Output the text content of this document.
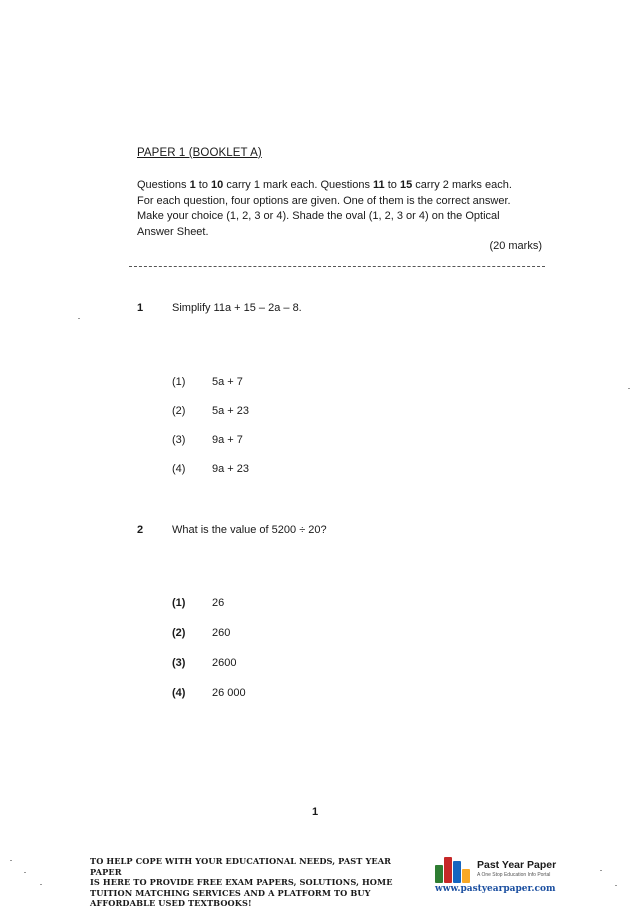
PAPER 1 (BOOKLET A)
Questions 1 to 10 carry 1 mark each. Questions 11 to 15 carry 2 marks each.
For each question, four options are given. One of them is the correct answer.
Make your choice (1, 2, 3 or 4). Shade the oval (1, 2, 3 or 4) on the Optical
Answer Sheet.
(20 marks)
1	Simplify 11a + 15 – 2a – 8.
(1)	5a + 7
(2)	5a + 23
(3)	9a + 7
(4)	9a + 23
2	What is the value of 5200 ÷ 20?
(1)	26
(2)	260
(3)	2600
(4)	26 000
1
TO HELP COPE WITH YOUR EDUCATIONAL NEEDS, PAST YEAR PAPER
IS HERE TO PROVIDE FREE EXAM PAPERS, SOLUTIONS, HOME
TUITION MATCHING SERVICES AND A PLATFORM TO BUY
AFFORDABLE USED TEXTBOOKS!
Past Year Paper
A One Stop Education Info Portal
www.pastyearpaper.com
